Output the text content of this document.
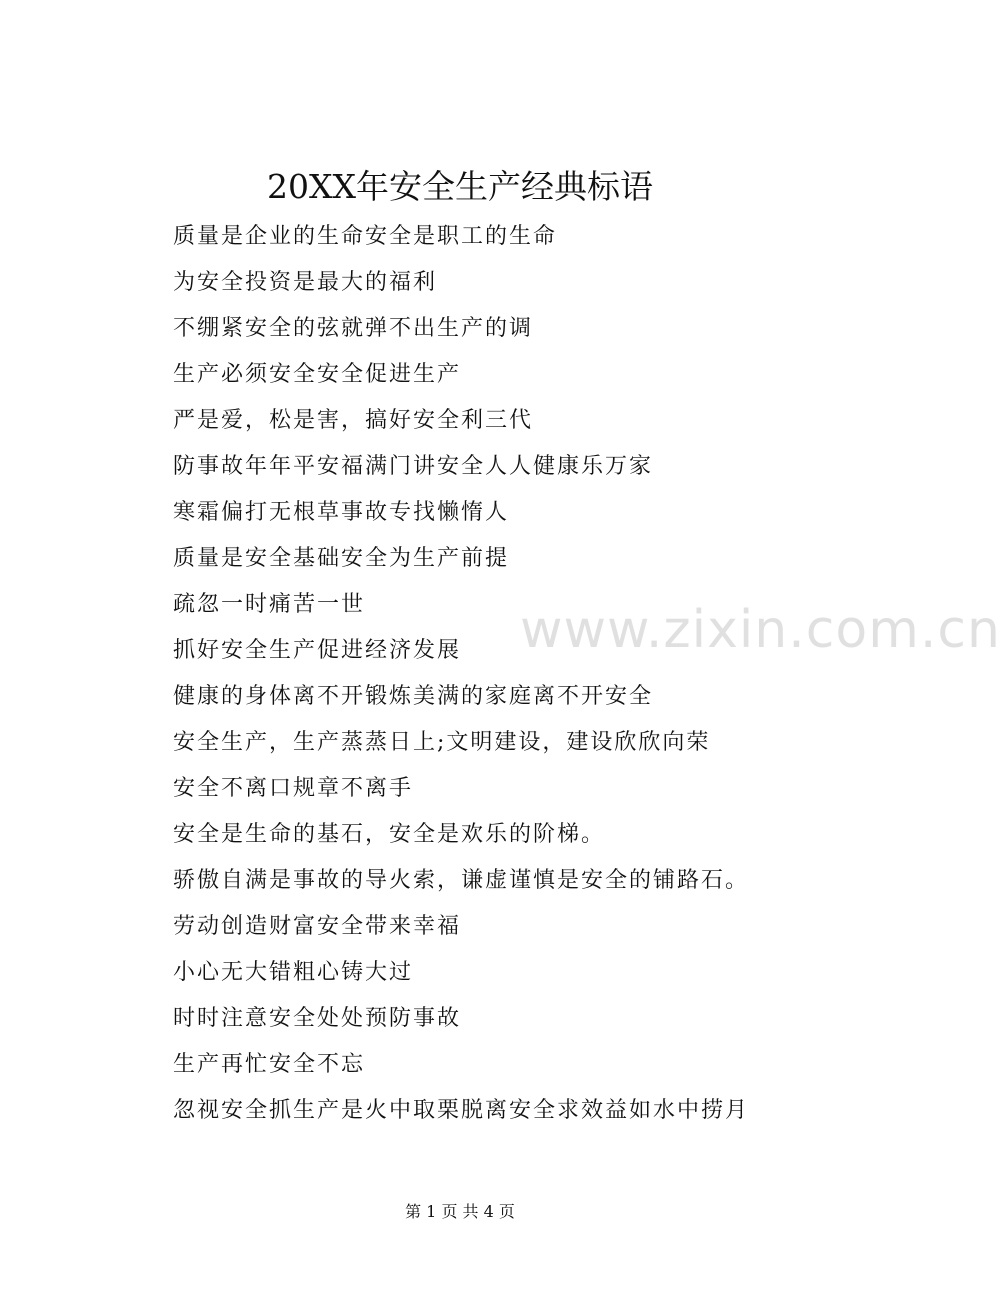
20XX年安全生产经典标语
质量是企业的生命安全是职工的生命
为安全投资是最大的福利
不绷紧安全的弦就弹不出生产的调
生产必须安全安全促进生产
严是爱，松是害，搞好安全利三代
防事故年年平安福满门讲安全人人健康乐万家
寒霜偏打无根草事故专找懒惰人
质量是安全基础安全为生产前提
疏忽一时痛苦一世
抓好安全生产促进经济发展
健康的身体离不开锻炼美满的家庭离不开安全
安全生产，生产蒸蒸日上;文明建设，建设欣欣向荣
安全不离口规章不离手
安全是生命的基石，安全是欢乐的阶梯。
骄傲自满是事故的导火索，谦虚谨慎是安全的铺路石。
劳动创造财富安全带来幸福
小心无大错粗心铸大过
时时注意安全处处预防事故
生产再忙安全不忘
忽视安全抓生产是火中取栗脱离安全求效益如水中捞月
www.zixin.com.cn
第 1 页 共 4 页
